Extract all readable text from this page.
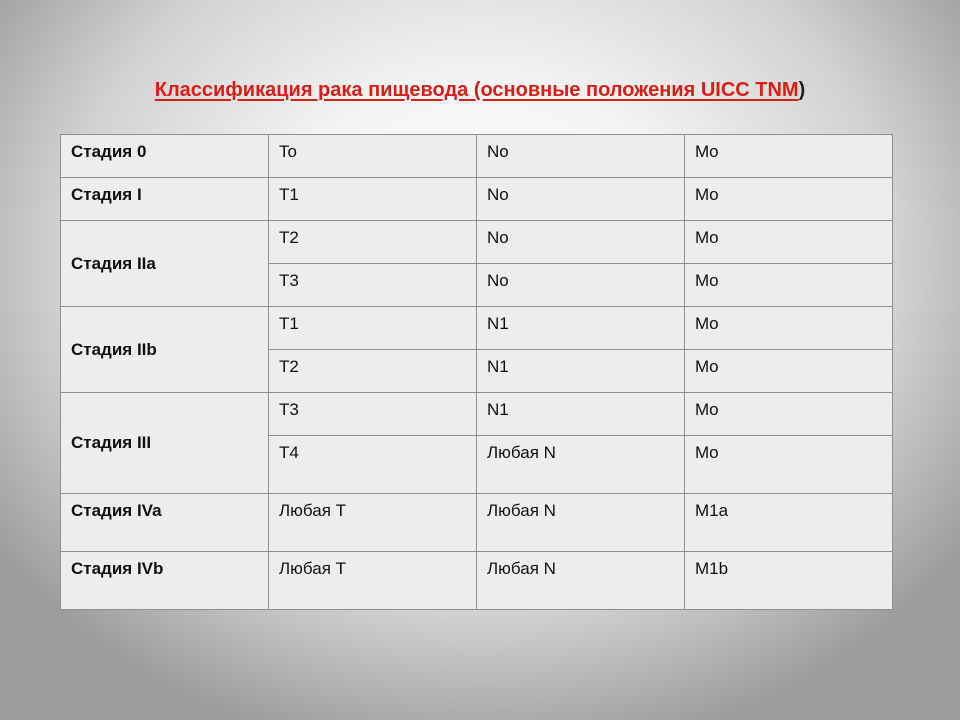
Классификация рака пищевода (основные положения UICC TNM)
Стадия 0	To	No	Mo
Стадия I	T1	No	Mo
Стадия IIa	T2	No	Mo
	T3	No	Mo
Стадия IIb	T1	N1	Mo
	T2	N1	Mo
Стадия III	T3	N1	Mo
	T4	Любая N	Mo
Стадия IVa	Любая T	Любая N	M1a
Стадия IVb	Любая T	Любая N	M1b
